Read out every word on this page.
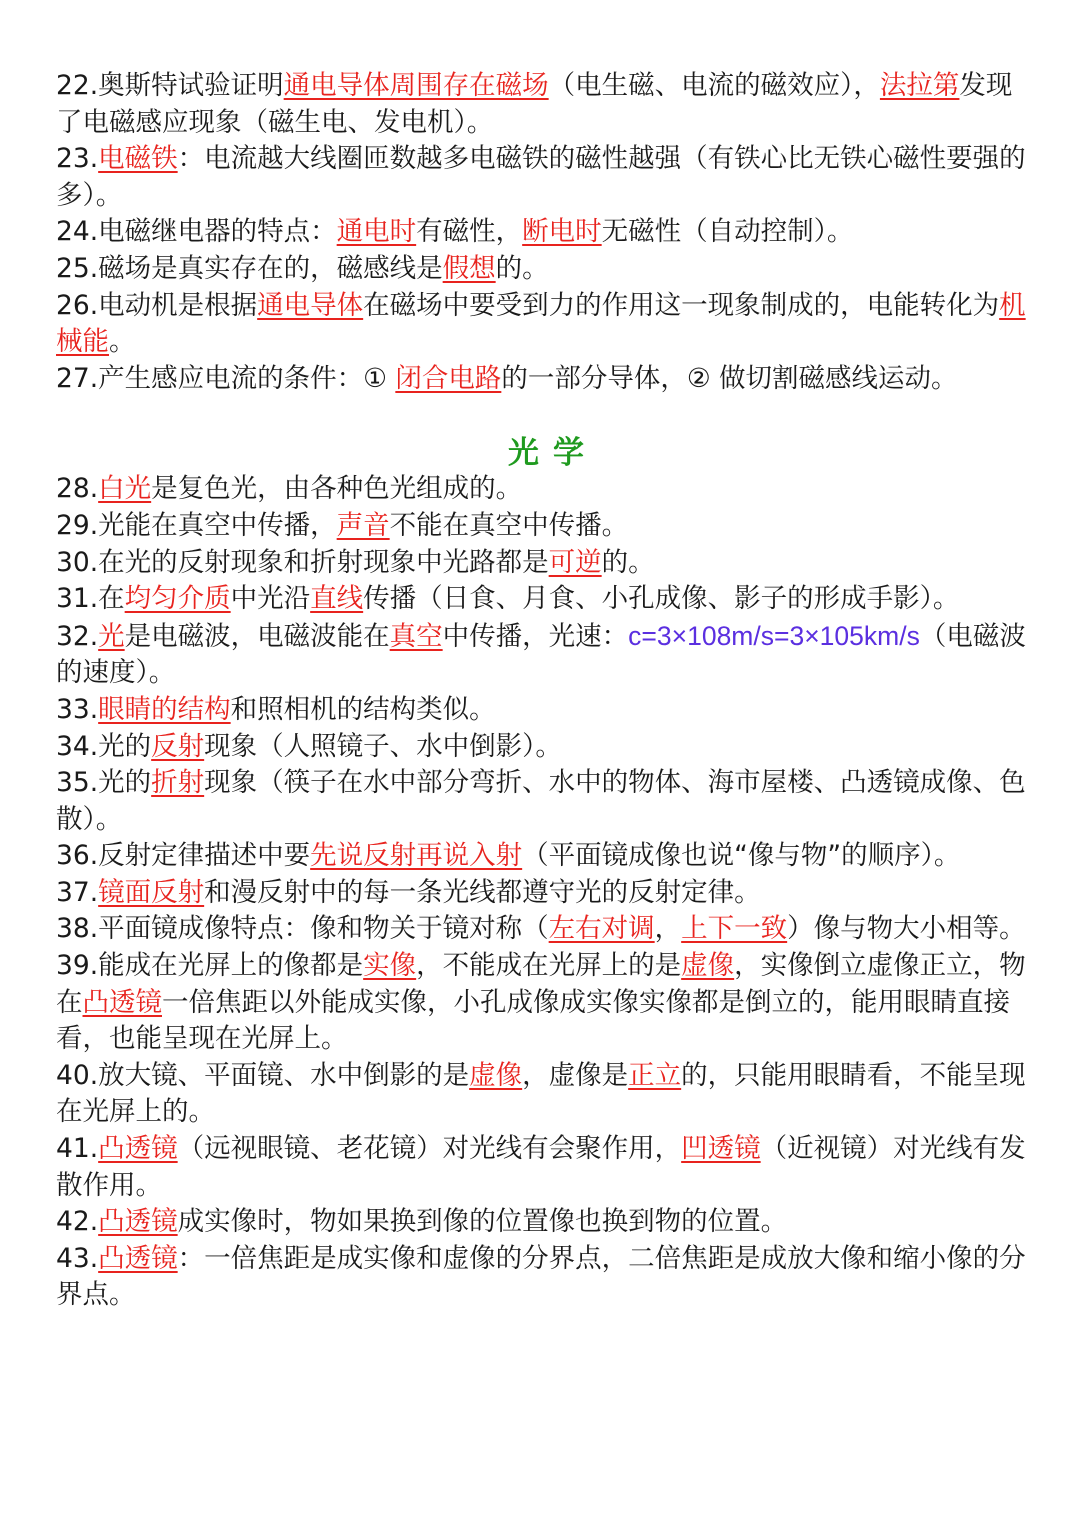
22.奥斯特试验证明通电导体周围存在磁场（电生磁、电流的磁效应），法拉第发现了电磁感应现象（磁生电、发电机）。

23.电磁铁：电流越大线圈匝数越多电磁铁的磁性越强（有铁心比无铁心磁性要强的多）。

24.电磁继电器的特点：通电时有磁性，断电时无磁性（自动控制）。

25.磁场是真实存在的，磁感线是假想的。

26.电动机是根据通电导体在磁场中要受到力的作用这一现象制成的，电能转化为机械能。

27.产生感应电流的条件：① 闭合电路的一部分导体，② 做切割磁感线运动。

光学

28.白光是复色光，由各种色光组成的。

29.光能在真空中传播，声音不能在真空中传播。

30.在光的反射现象和折射现象中光路都是可逆的。

31.在均匀介质中光沿直线传播（日食、月食、小孔成像、影子的形成手影）。

32.光是电磁波，电磁波能在真空中传播，光速：c=3×108m/s=3×105km/s（电磁波的速度）。

33.眼睛的结构和照相机的结构类似。

34.光的反射现象（人照镜子、水中倒影）。

35.光的折射现象（筷子在水中部分弯折、水中的物体、海市屋楼、凸透镜成像、色散）。

36.反射定律描述中要先说反射再说入射（平面镜成像也说“像与物”的顺序）。

37.镜面反射和漫反射中的每一条光线都遵守光的反射定律。

38.平面镜成像特点：像和物关于镜对称（左右对调，上下一致）像与物大小相等。

39.能成在光屏上的像都是实像，不能成在光屏上的是虚像，实像倒立虚像正立，物在凸透镜一倍焦距以外能成实像，小孔成像成实像实像都是倒立的，能用眼睛直接看，也能呈现在光屏上。

40.放大镜、平面镜、水中倒影的是虚像，虚像是正立的，只能用眼睛看，不能呈现在光屏上的。

41.凸透镜（远视眼镜、老花镜）对光线有会聚作用，凹透镜（近视镜）对光线有发散作用。

42.凸透镜成实像时，物如果换到像的位置像也换到物的位置。

43.凸透镜：一倍焦距是成实像和虚像的分界点，二倍焦距是成放大像和缩小像的分界点。
